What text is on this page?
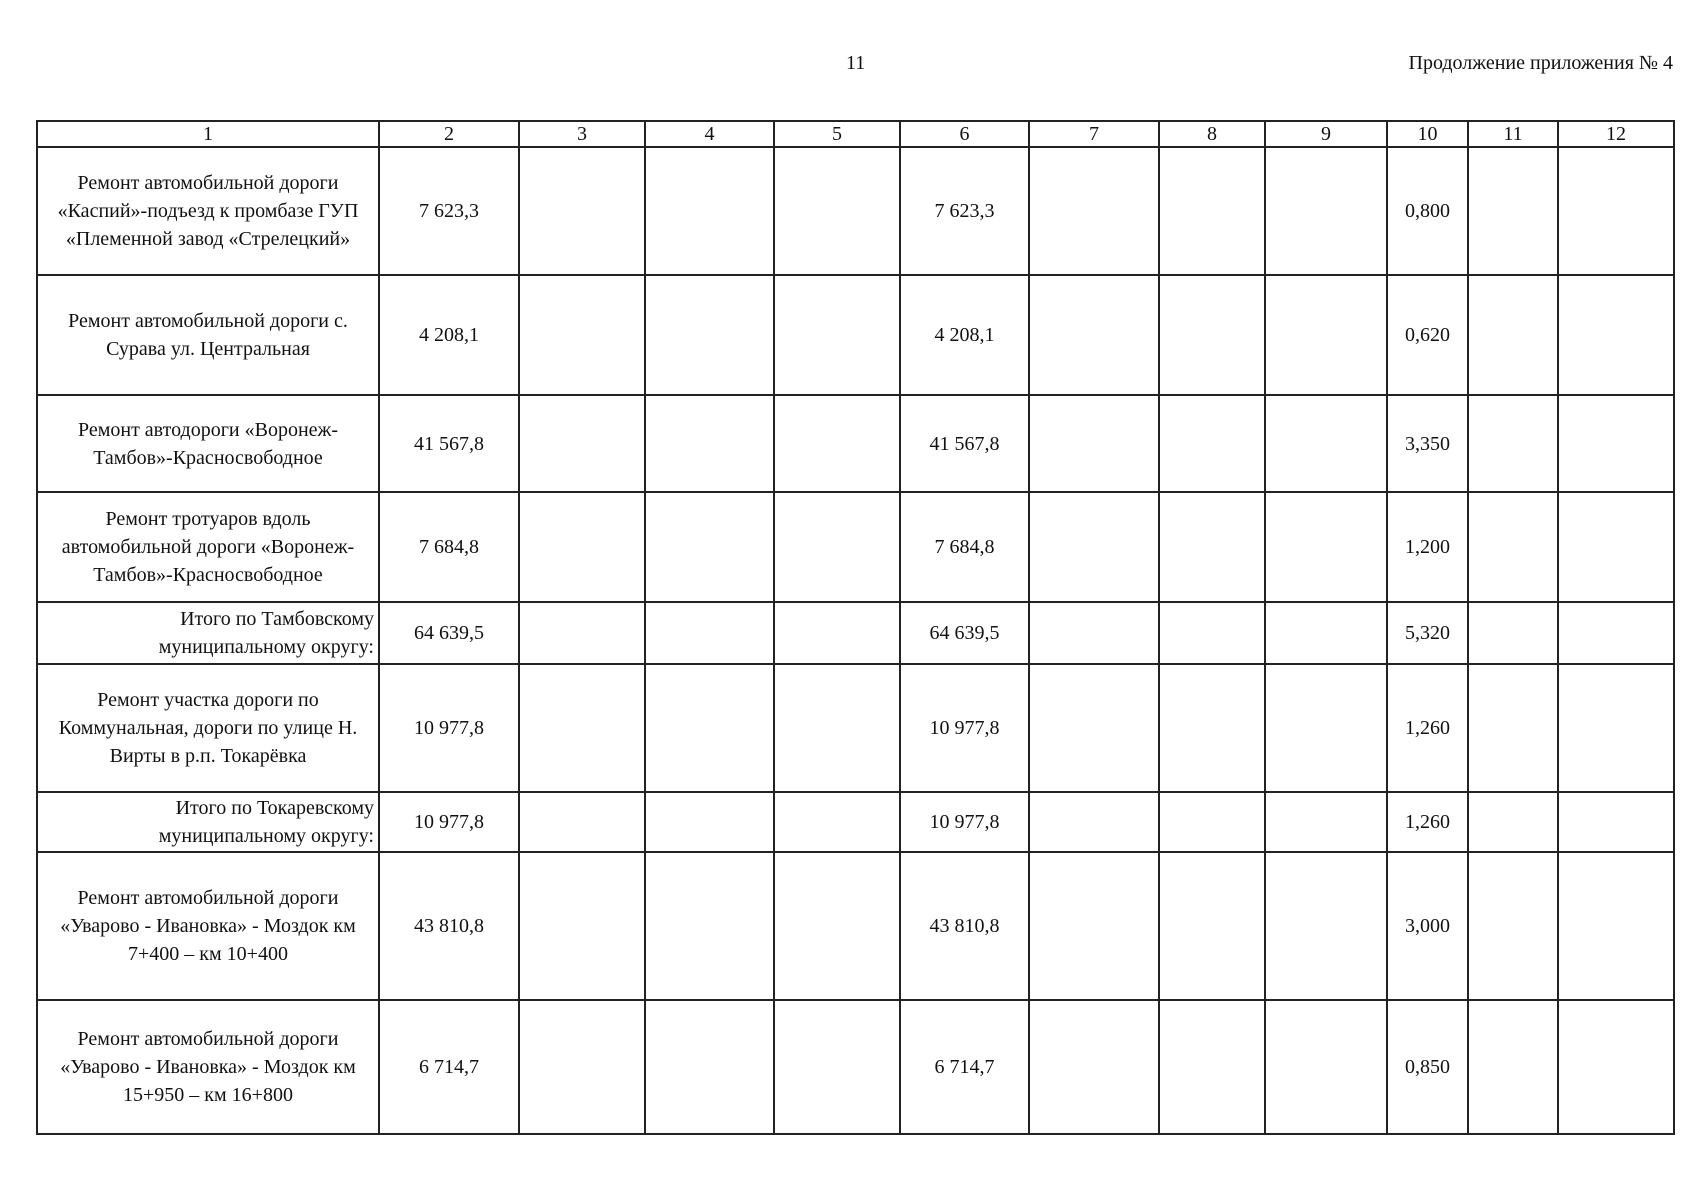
11	Продолжение приложения № 4
1	2	3	4	5	6	7	8	9	10	11	12
Ремонт автомобильной дороги «Каспий»-подъезд к промбазе ГУП «Племенной завод «Стрелецкий»	7 623,3				7 623,3				0,800		
Ремонт автомобильной дороги с. Сурава ул. Центральная	4 208,1				4 208,1				0,620		
Ремонт автодороги «Воронеж-Тамбов»-Красносвободное	41 567,8				41 567,8				3,350		
Ремонт тротуаров вдоль автомобильной дороги «Воронеж-Тамбов»-Красносвободное	7 684,8				7 684,8				1,200		
Итого по Тамбовскому муниципальному округу:	64 639,5				64 639,5				5,320		
Ремонт участка дороги по Коммунальная, дороги по улице Н. Вирты в р.п. Токарёвка	10 977,8				10 977,8				1,260		
Итого по Токаревскому муниципальному округу:	10 977,8				10 977,8				1,260		
Ремонт автомобильной дороги «Уварово - Ивановка» - Моздок км 7+400 – км 10+400	43 810,8				43 810,8				3,000		
Ремонт автомобильной дороги «Уварово - Ивановка» - Моздок км 15+950 – км 16+800	6 714,7				6 714,7				0,850		
